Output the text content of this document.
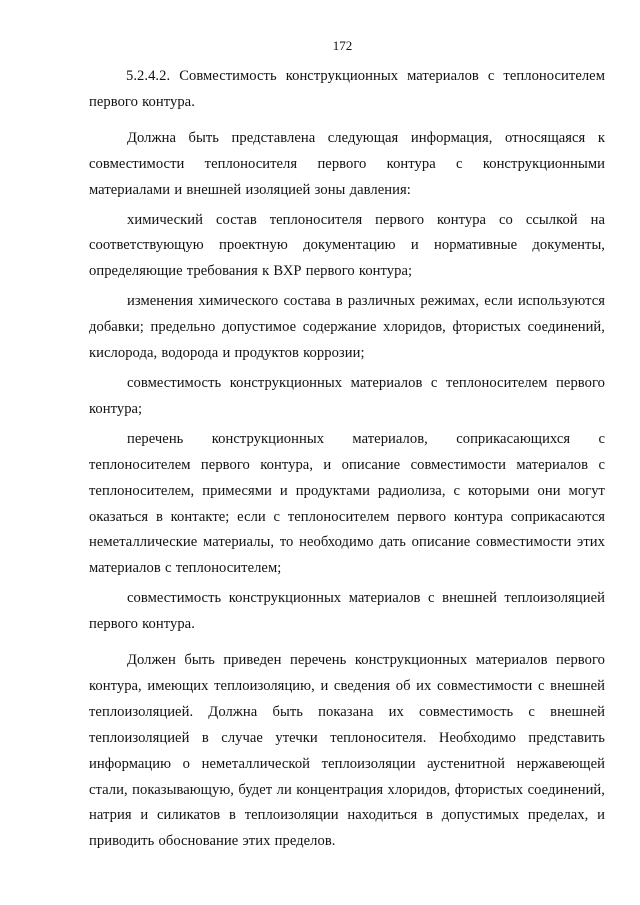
172

5.2.4.2. Совместимость конструкционных материалов с теплоносителем первого контура.

Должна быть представлена следующая информация, относящаяся к совместимости теплоносителя первого контура с конструкционными материалами и внешней изоляцией зоны давления:

химический состав теплоносителя первого контура со ссылкой на соответствующую проектную документацию и нормативные документы, определяющие требования к ВХР первого контура;

изменения химического состава в различных режимах, если используются добавки; предельно допустимое содержание хлоридов, фтористых соединений, кислорода, водорода и продуктов коррозии;

совместимость конструкционных материалов с теплоносителем первого контура;

перечень конструкционных материалов, соприкасающихся с теплоносителем первого контура, и описание совместимости материалов с теплоносителем, примесями и продуктами радиолиза, с которыми они могут оказаться в контакте; если с теплоносителем первого контура соприкасаются неметаллические материалы, то необходимо дать описание совместимости этих материалов с теплоносителем;

совместимость конструкционных материалов с внешней теплоизоляцией первого контура.

Должен быть приведен перечень конструкционных материалов первого контура, имеющих теплоизоляцию, и сведения об их совместимости с внешней теплоизоляцией. Должна быть показана их совместимость с внешней теплоизоляцией в случае утечки теплоносителя. Необходимо представить информацию о неметаллической теплоизоляции аустенитной нержавеющей стали, показывающую, будет ли концентрация хлоридов, фтористых соединений, натрия и силикатов в теплоизоляции находиться в допустимых пределах, и приводить обоснование этих пределов.
